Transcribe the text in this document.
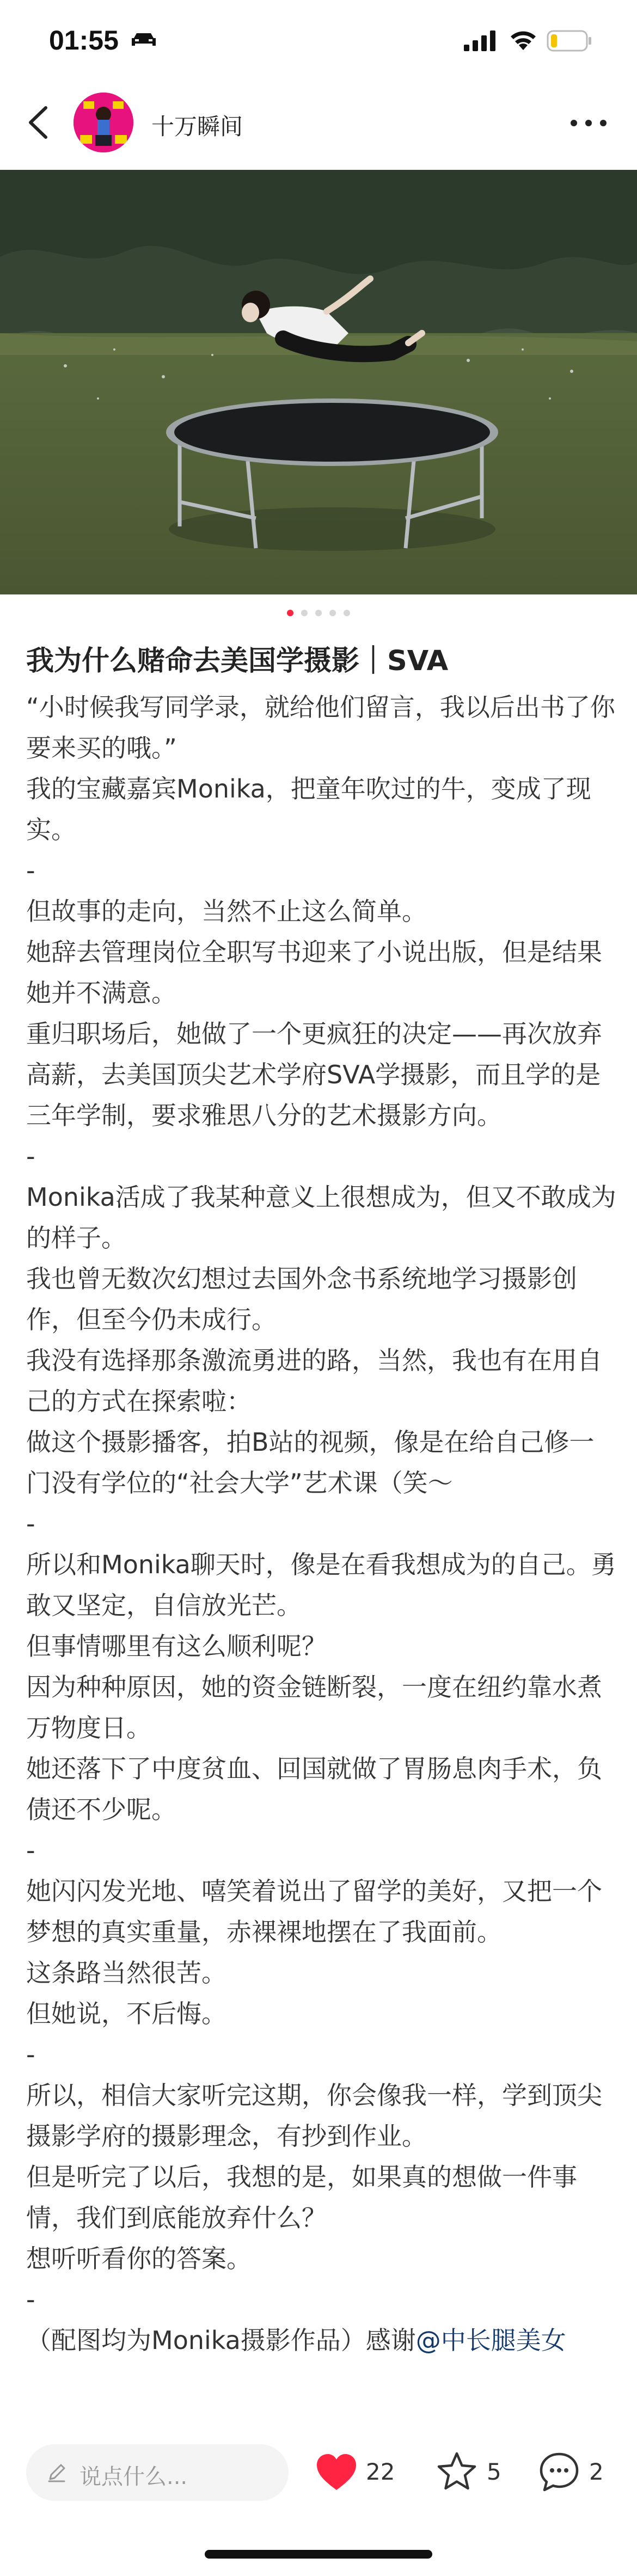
01:55
十万瞬间
我为什么赌命去美国学摄影｜SVA
“小时候我写同学录，就给他们留言，我以后出书了你要来买的哦。”
我的宝藏嘉宾Monika，把童年吹过的牛，变成了现实。
-
但故事的走向，当然不止这么简单。
她辞去管理岗位全职写书迎来了小说出版，但是结果她并不满意。
重归职场后，她做了一个更疯狂的决定——再次放弃高薪，去美国顶尖艺术学府SVA学摄影，而且学的是三年学制，要求雅思八分的艺术摄影方向。
-
Monika活成了我某种意义上很想成为，但又不敢成为的样子。
我也曾无数次幻想过去国外念书系统地学习摄影创作，但至今仍未成行。
我没有选择那条激流勇进的路，当然，我也有在用自己的方式在探索啦：
做这个摄影播客，拍B站的视频，像是在给自己修一门没有学位的“社会大学”艺术课（笑～
-
所以和Monika聊天时，像是在看我想成为的自己。勇敢又坚定，自信放光芒。
但事情哪里有这么顺利呢？
因为种种原因，她的资金链断裂，一度在纽约靠水煮万物度日。
她还落下了中度贫血、回国就做了胃肠息肉手术，负债还不少呢。
-
她闪闪发光地、嘻笑着说出了留学的美好，又把一个梦想的真实重量，赤裸裸地摆在了我面前。
这条路当然很苦。
但她说，不后悔。
-
所以，相信大家听完这期，你会像我一样，学到顶尖摄影学府的摄影理念，有抄到作业。
但是听完了以后，我想的是，如果真的想做一件事情，我们到底能放弃什么？
想听听看你的答案。
-
（配图均为Monika摄影作品）感谢@中长腿美女
说点什么...	22	5	2
